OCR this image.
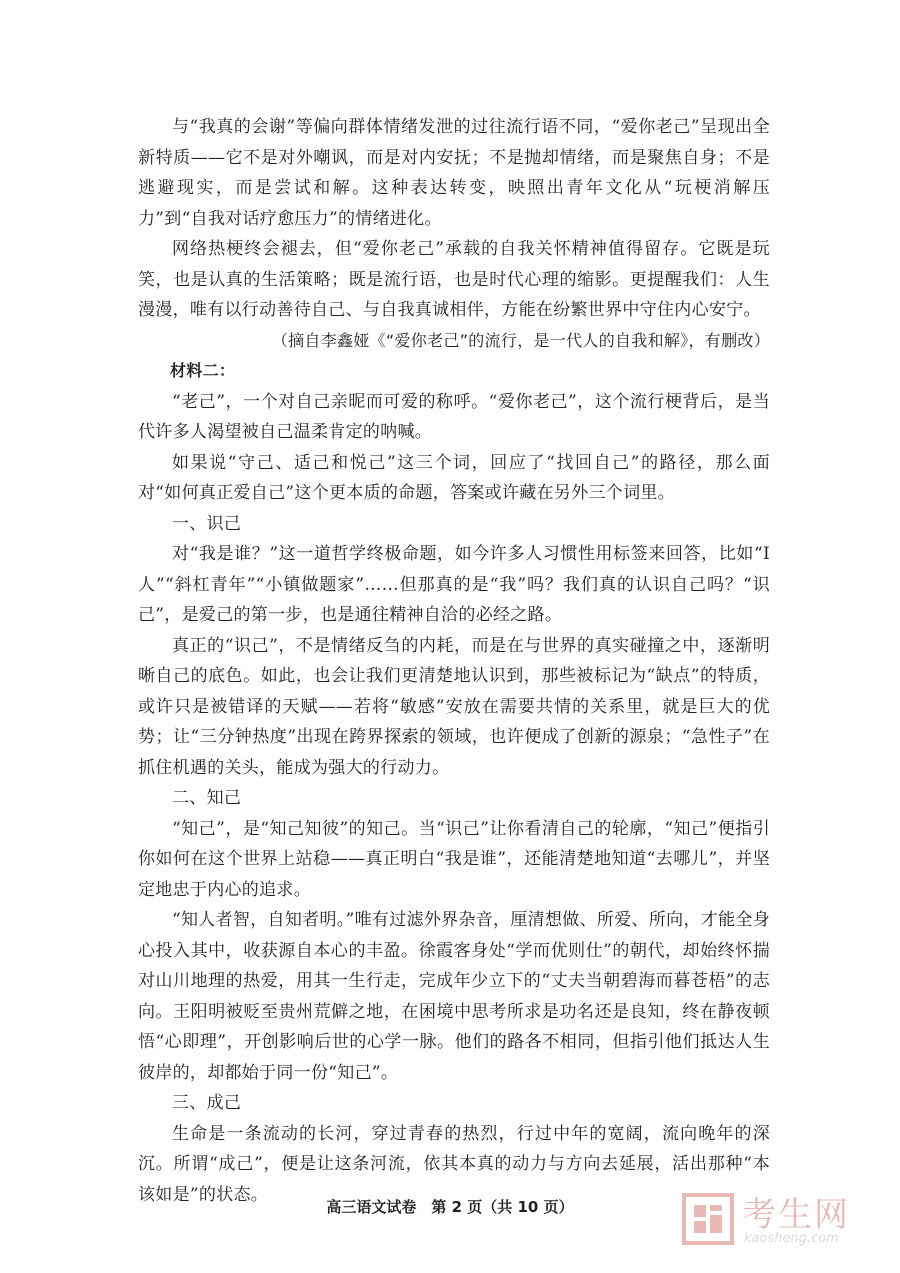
与“我真的会谢”等偏向群体情绪发泄的过往流行语不同，“爱你老己”呈现出全新特质——它不是对外嘲讽，而是对内安抚；不是抛却情绪，而是聚焦自身；不是逃避现实，而是尝试和解。这种表达转变，映照出青年文化从“玩梗消解压力”到“自我对话疗愈压力”的情绪进化。

网络热梗终会褪去，但“爱你老己”承载的自我关怀精神值得留存。它既是玩笑，也是认真的生活策略；既是流行语，也是时代心理的缩影。更提醒我们：人生漫漫，唯有以行动善待自己、与自我真诚相伴，方能在纷繁世界中守住内心安宁。

（摘自李鑫娅《“爱你老己”的流行，是一代人的自我和解》，有删改）

材料二：

“老己”，一个对自己亲昵而可爱的称呼。“爱你老己”，这个流行梗背后，是当代许多人渴望被自己温柔肯定的呐喊。

如果说“守己、适己和悦己”这三个词，回应了“找回自己”的路径，那么面对“如何真正爱自己”这个更本质的命题，答案或许藏在另外三个词里。

一、识己

对“我是谁？”这一道哲学终极命题，如今许多人习惯性用标签来回答，比如“I人”“斜杠青年”“小镇做题家”……但那真的是“我”吗？我们真的认识自己吗？“识己”，是爱己的第一步，也是通往精神自洽的必经之路。

真正的“识己”，不是情绪反刍的内耗，而是在与世界的真实碰撞之中，逐渐明晰自己的底色。如此，也会让我们更清楚地认识到，那些被标记为“缺点”的特质，或许只是被错译的天赋——若将“敏感”安放在需要共情的关系里，就是巨大的优势；让“三分钟热度”出现在跨界探索的领域，也许便成了创新的源泉；“急性子”在抓住机遇的关头，能成为强大的行动力。

二、知己

“知己”，是“知己知彼”的知己。当“识己”让你看清自己的轮廓，“知己”便指引你如何在这个世界上站稳——真正明白“我是谁”，还能清楚地知道“去哪儿”，并坚定地忠于内心的追求。

“知人者智，自知者明。”唯有过滤外界杂音，厘清想做、所爱、所向，才能全身心投入其中，收获源自本心的丰盈。徐霞客身处“学而优则仕”的朝代，却始终怀揣对山川地理的热爱，用其一生行走，完成年少立下的“丈夫当朝碧海而暮苍梧”的志向。王阳明被贬至贵州荒僻之地，在困境中思考所求是功名还是良知，终在静夜顿悟“心即理”，开创影响后世的心学一脉。他们的路各不相同，但指引他们抵达人生彼岸的，却都始于同一份“知己”。

三、成己

生命是一条流动的长河，穿过青春的热烈，行过中年的宽阔，流向晚年的深沉。所谓“成己”，便是让这条河流，依其本真的动力与方向去延展，活出那种“本该如是”的状态。

高三语文试卷　第 2 页（共 10 页）	考生网
kaosheng.com
